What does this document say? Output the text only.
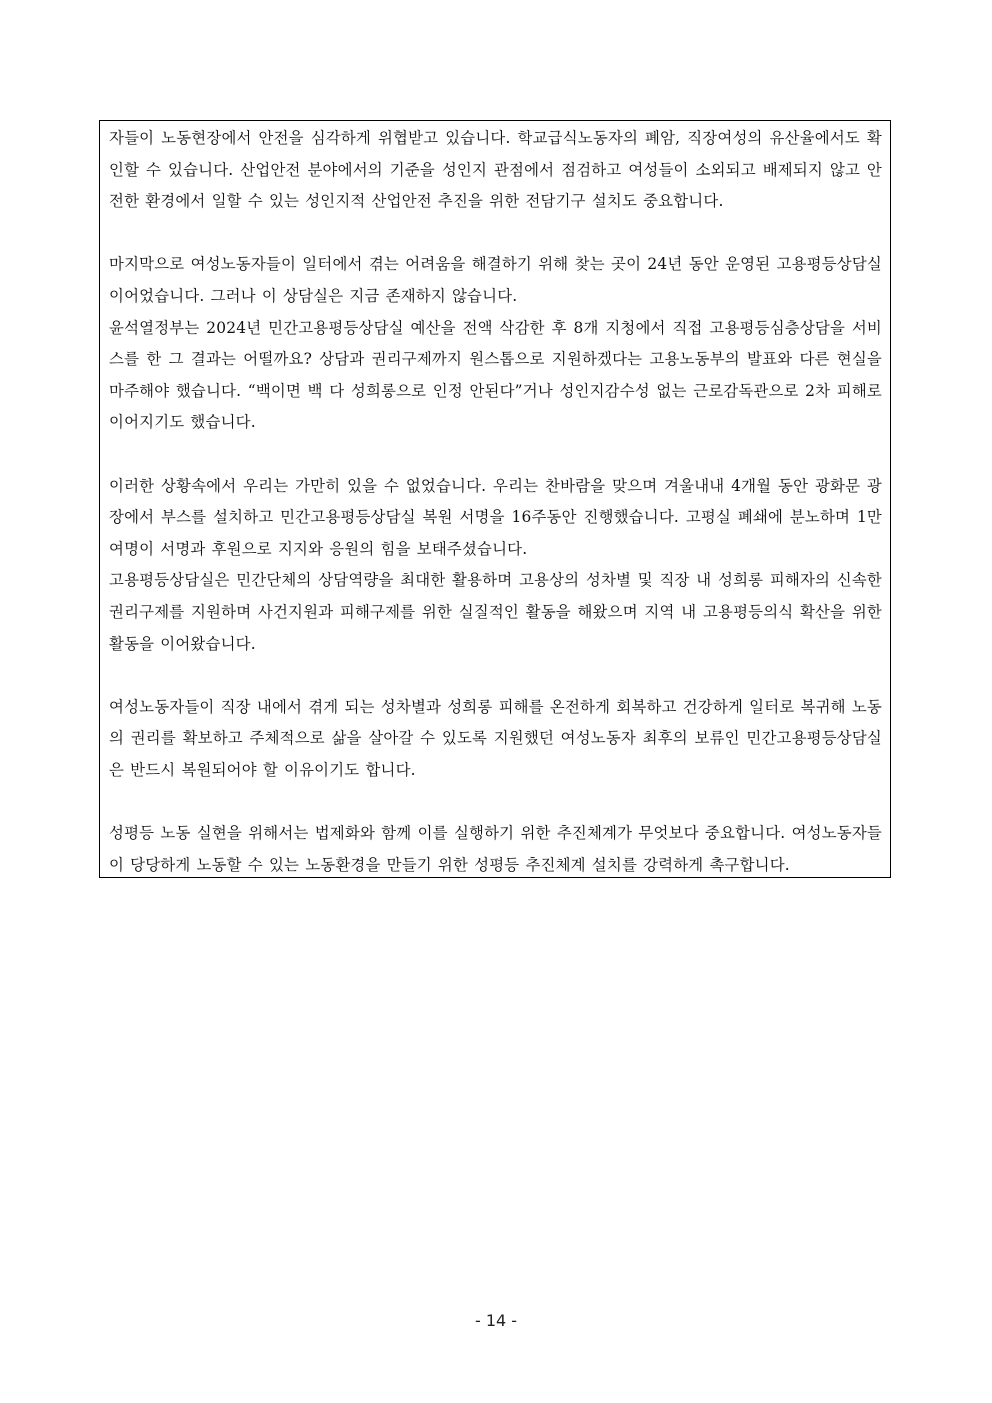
자들이 노동현장에서 안전을 심각하게 위협받고 있습니다. 학교급식노동자의 폐암, 직장여성의 유산율에서도 확인할 수 있습니다. 산업안전 분야에서의 기준을 성인지 관점에서 점검하고 여성들이 소외되고 배제되지 않고 안전한 환경에서 일할 수 있는 성인지적 산업안전 추진을 위한 전담기구 설치도 중요합니다.

마지막으로 여성노동자들이 일터에서 겪는 어려움을 해결하기 위해 찾는 곳이 24년 동안 운영된 고용평등상담실이어었습니다. 그러나 이 상담실은 지금 존재하지 않습니다.

윤석열정부는 2024년 민간고용평등상담실 예산을 전액 삭감한 후 8개 지청에서 직접 고용평등심층상담을 서비스를 한 그 결과는 어떨까요? 상담과 권리구제까지 원스톱으로 지원하겠다는 고용노동부의 발표와 다른 현실을 마주해야 했습니다. “백이면 백 다 성희롱으로 인정 안된다”거나 성인지감수성 없는 근로감독관으로 2차 피해로 이어지기도 했습니다.

이러한 상황속에서 우리는 가만히 있을 수 없었습니다. 우리는 찬바람을 맞으며 겨울내내 4개월 동안 광화문 광장에서 부스를 설치하고 민간고용평등상담실 복원 서명을 16주동안 진행했습니다. 고평실 폐쇄에 분노하며 1만 여명이 서명과 후원으로 지지와 응원의 힘을 보태주셨습니다.

고용평등상담실은 민간단체의 상담역량을 최대한 활용하며 고용상의 성차별 및 직장 내 성희롱 피해자의 신속한 권리구제를 지원하며 사건지원과 피해구제를 위한 실질적인 활동을 해왔으며 지역 내 고용평등의식 확산을 위한 활동을 이어왔습니다.

여성노동자들이 직장 내에서 겪게 되는 성차별과 성희롱 피해를 온전하게 회복하고 건강하게 일터로 복귀해 노동의 권리를 확보하고 주체적으로 삶을 살아갈 수 있도록 지원했던 여성노동자 최후의 보류인 민간고용평등상담실은 반드시 복원되어야 할 이유이기도 합니다.

성평등 노동 실현을 위해서는 법제화와 함께 이를 실행하기 위한 추진체계가 무엇보다 중요합니다. 여성노동자들이 당당하게 노동할 수 있는 노동환경을 만들기 위한 성평등 추진체계 설치를 강력하게 촉구합니다.

- 14 -
